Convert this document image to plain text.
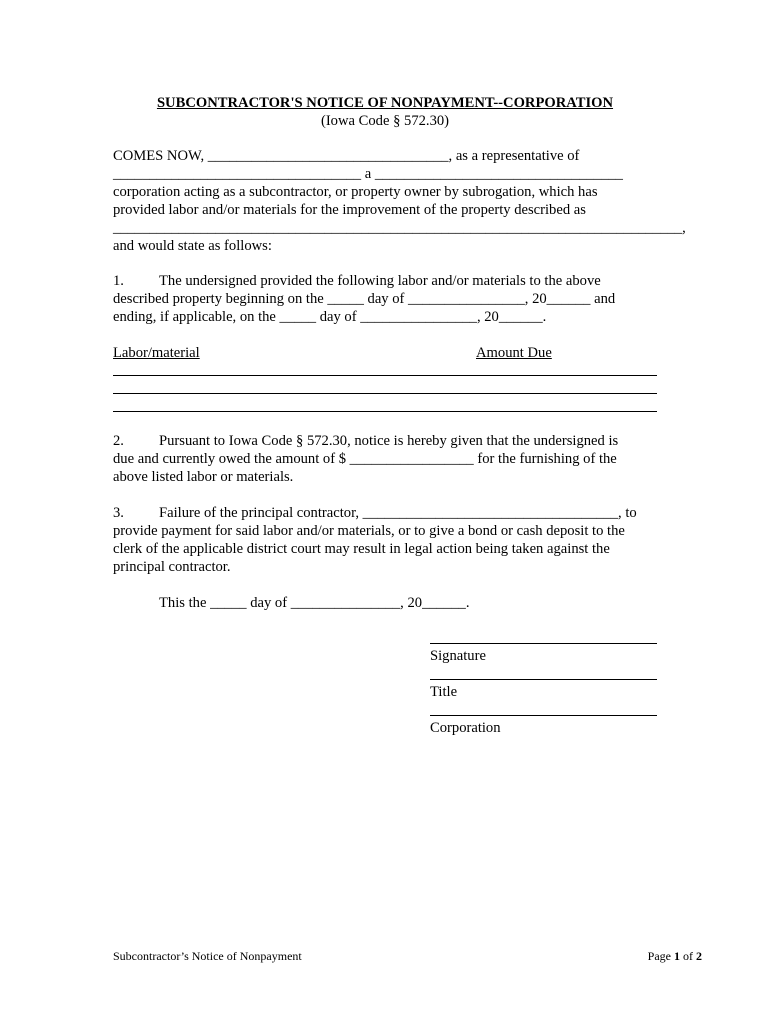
SUBCONTRACTOR'S NOTICE OF NONPAYMENT--CORPORATION
(Iowa Code § 572.30)
COMES NOW, _________________________________, as a representative of
__________________________________ a __________________________________
corporation acting as a subcontractor, or property owner by subrogation, which has
provided labor and/or materials for the improvement of the property described as
______________________________________________________________________________,
and would state as follows:
1. The undersigned provided the following labor and/or materials to the above
described property beginning on the _____ day of ________________, 20______ and
ending, if applicable, on the _____ day of ________________, 20______.
Labor/material	Amount Due
2. Pursuant to Iowa Code § 572.30, notice is hereby given that the undersigned is
due and currently owed the amount of $ _________________ for the furnishing of the
above listed labor or materials.
3. Failure of the principal contractor, ___________________________________, to
provide payment for said labor and/or materials, or to give a bond or cash deposit to the
clerk of the applicable district court may result in legal action being taken against the
principal contractor.
This the _____ day of _______________, 20______.
Signature
Title
Corporation
Subcontractor’s Notice of Nonpayment	Page 1 of 2
